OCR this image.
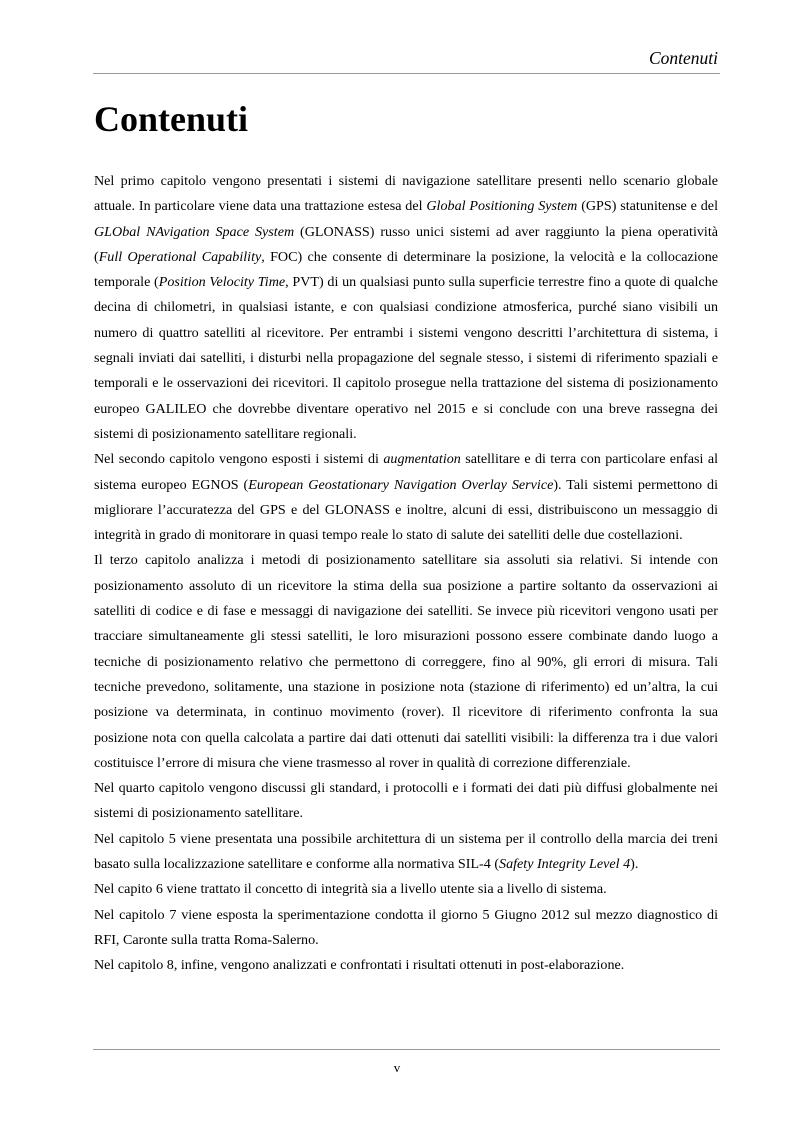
Contenuti
Contenuti

Nel primo capitolo vengono presentati i sistemi di navigazione satellitare presenti nello scenario globale attuale. In particolare viene data una trattazione estesa del Global Positioning System (GPS) statunitense e del GLObal NAvigation Space System (GLONASS) russo unici sistemi ad aver raggiunto la piena operatività (Full Operational Capability, FOC) che consente di determinare la posizione, la velocità e la collocazione temporale (Position Velocity Time, PVT) di un qualsiasi punto sulla superficie terrestre fino a quote di qualche decina di chilometri, in qualsiasi istante, e con qualsiasi condizione atmosferica, purché siano visibili un numero di quattro satelliti al ricevitore. Per entrambi i sistemi vengono descritti l’architettura di sistema, i segnali inviati dai satelliti, i disturbi nella propagazione del segnale stesso, i sistemi di riferimento spaziali e temporali e le osservazioni dei ricevitori. Il capitolo prosegue nella trattazione del sistema di posizionamento europeo GALILEO che dovrebbe diventare operativo nel 2015 e si conclude con una breve rassegna dei sistemi di posizionamento satellitare regionali.

Nel secondo capitolo vengono esposti i sistemi di augmentation satellitare e di terra con particolare enfasi al sistema europeo EGNOS (European Geostationary Navigation Overlay Service). Tali sistemi permettono di migliorare l’accuratezza del GPS e del GLONASS e inoltre, alcuni di essi, distribuiscono un messaggio di integrità in grado di monitorare in quasi tempo reale lo stato di salute dei satelliti delle due costellazioni.

Il terzo capitolo analizza i metodi di posizionamento satellitare sia assoluti sia relativi. Si intende con posizionamento assoluto di un ricevitore la stima della sua posizione a partire soltanto da osservazioni ai satelliti di codice e di fase e messaggi di navigazione dei satelliti. Se invece più ricevitori vengono usati per tracciare simultaneamente gli stessi satelliti, le loro misurazioni possono essere combinate dando luogo a tecniche di posizionamento relativo che permettono di correggere, fino al 90%, gli errori di misura. Tali tecniche prevedono, solitamente, una stazione in posizione nota (stazione di riferimento) ed un’altra, la cui posizione va determinata, in continuo movimento (rover). Il ricevitore di riferimento confronta la sua posizione nota con quella calcolata a partire dai dati ottenuti dai satelliti visibili: la differenza tra i due valori costituisce l’errore di misura che viene trasmesso al rover in qualità di correzione differenziale.

Nel quarto capitolo vengono discussi gli standard, i protocolli e i formati dei dati più diffusi globalmente nei sistemi di posizionamento satellitare.

Nel capitolo 5 viene presentata una possibile architettura di un sistema per il controllo della marcia dei treni basato sulla localizzazione satellitare e conforme alla normativa SIL-4 (Safety Integrity Level 4).

Nel capito 6 viene trattato il concetto di integrità sia a livello utente sia a livello di sistema.

Nel capitolo 7 viene esposta la sperimentazione condotta il giorno 5 Giugno 2012 sul mezzo diagnostico di RFI, Caronte sulla tratta Roma-Salerno.

Nel capitolo 8, infine, vengono analizzati e confrontati i risultati ottenuti in post-elaborazione.

v
